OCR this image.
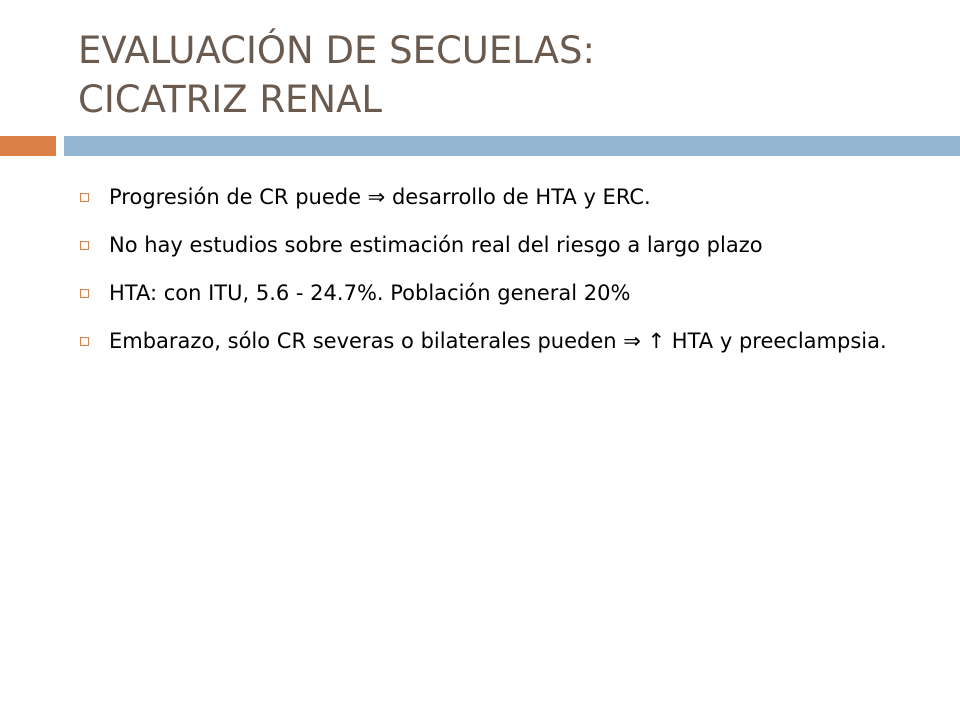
EVALUACIÓN DE SECUELAS:
CICATRIZ RENAL
Progresión de CR puede ⇒ desarrollo de HTA y ERC.
No hay estudios sobre estimación real del riesgo a largo plazo
HTA: con ITU, 5.6 - 24.7%. Población general 20%
Embarazo, sólo CR severas o bilaterales pueden ⇒ ↑ HTA y preeclampsia.
